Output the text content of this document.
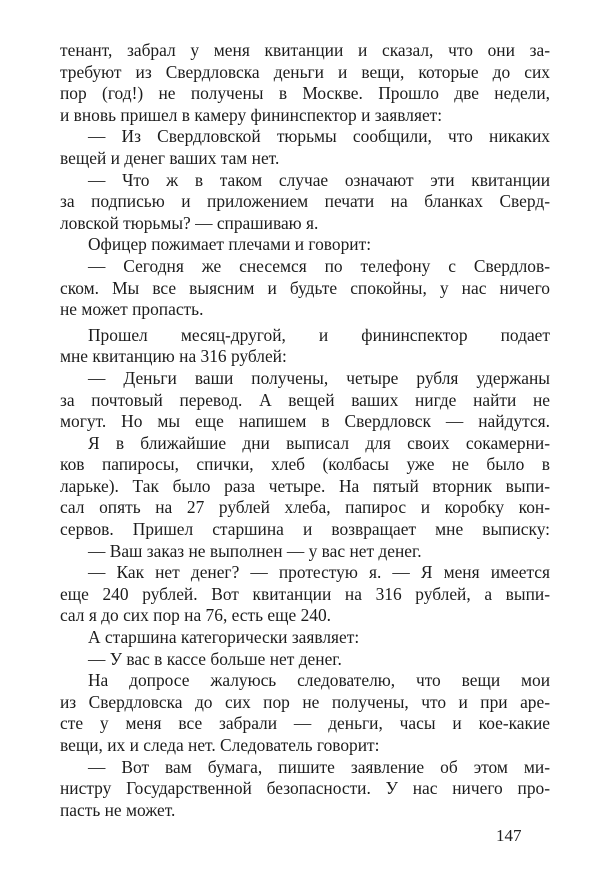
тенант, забрал у меня квитанции и сказал, что они за-
требуют из Свердловска деньги и вещи, которые до сих
пор (год!) не получены в Москве. Прошло две недели,
и вновь пришел в камеру фининспектор и заявляет:
— Из Свердловской тюрьмы сообщили, что никаких
вещей и денег ваших там нет.
— Что ж в таком случае означают эти квитанции
за подписью и приложением печати на бланках Сверд-
ловской тюрьмы? — спрашиваю я.
Офицер пожимает плечами и говорит:
— Сегодня же снесемся по телефону с Свердлов-
ском. Мы все выясним и будьте спокойны, у нас ничего
не может пропасть.
Прошел месяц-другой, и фининспектор подает
мне квитанцию на 316 рублей:
— Деньги ваши получены, четыре рубля удержаны
за почтовый перевод. А вещей ваших нигде найти не
могут. Но мы еще напишем в Свердловск — найдутся.
Я в ближайшие дни выписал для своих сокамерни-
ков папиросы, спички, хлеб (колбасы уже не было в
ларьке). Так было раза четыре. На пятый вторник выпи-
сал опять на 27 рублей хлеба, папирос и коробку кон-
сервов. Пришел старшина и возвращает мне выписку:
— Ваш заказ не выполнен — у вас нет денег.
— Как нет денег? — протестую я. — Я меня имеется
еще 240 рублей. Вот квитанции на 316 рублей, а выпи-
сал я до сих пор на 76, есть еще 240.
А старшина категорически заявляет:
— У вас в кассе больше нет денег.
На допросе жалуюсь следователю, что вещи мои
из Свердловска до сих пор не получены, что и при аре-
сте у меня все забрали — деньги, часы и кое-какие
вещи, их и следа нет. Следователь говорит:
— Вот вам бумага, пишите заявление об этом ми-
нистру Государственной безопасности. У нас ничего про-
пасть не может.
147
